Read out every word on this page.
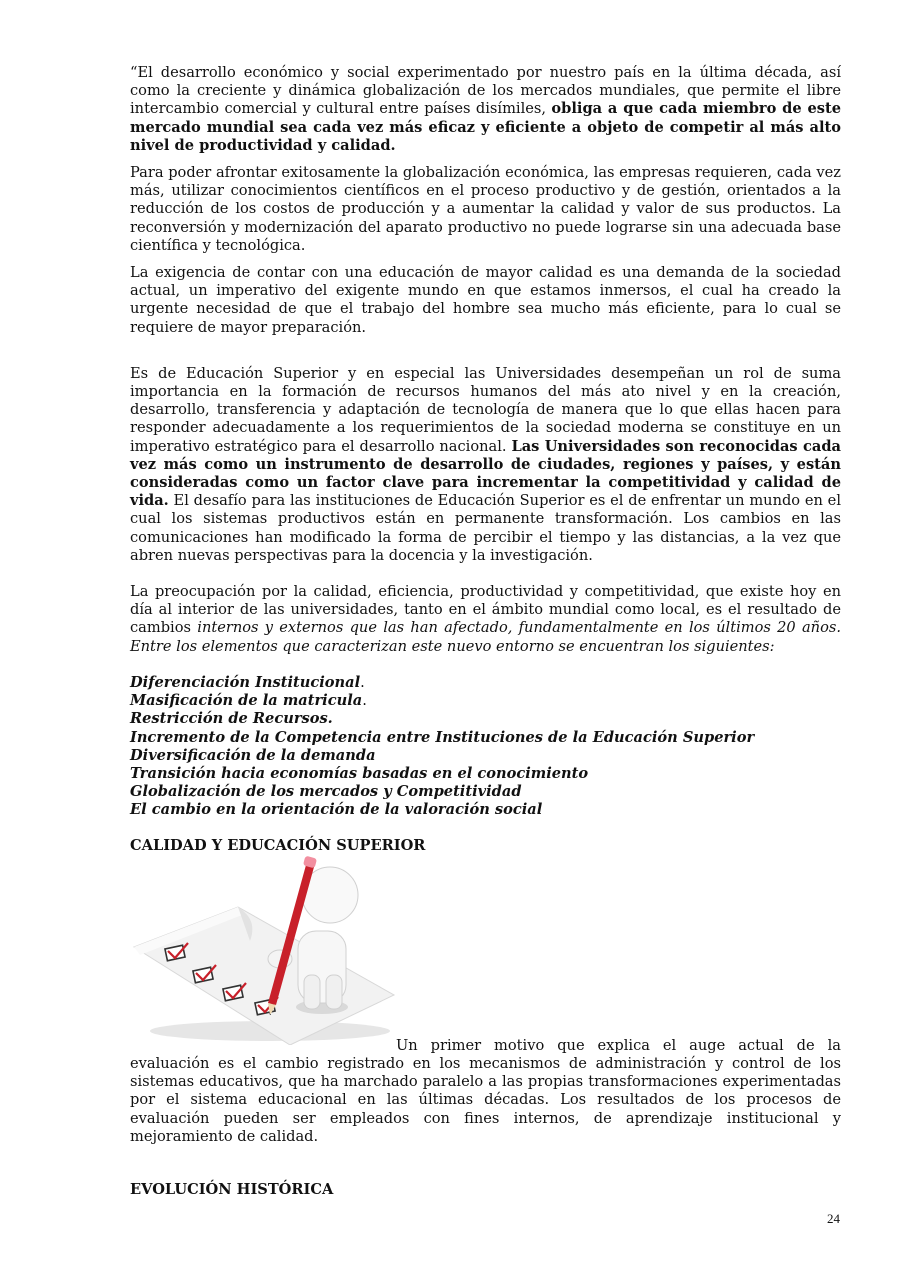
“El desarrollo económico y social experimentado por nuestro país en la última década, así como la creciente y dinámica globalización de los mercados mundiales, que permite el libre intercambio comercial y cultural entre países disímiles, obliga a que cada miembro de este mercado mundial sea cada vez más eficaz y eficiente a objeto de competir al más alto nivel de productividad y calidad.

Para poder afrontar exitosamente la globalización económica, las empresas requieren, cada vez más, utilizar conocimientos científicos en el proceso productivo y de gestión, orientados a la reducción de los costos de producción y a aumentar la calidad y valor de sus productos. La reconversión y modernización del aparato productivo no puede lograrse sin una adecuada base científica y tecnológica.

La exigencia de contar con una educación de mayor calidad es una demanda de la sociedad actual, un imperativo del exigente mundo en que estamos inmersos, el cual ha creado la urgente necesidad de que el trabajo del hombre sea mucho más eficiente, para lo cual se requiere de mayor preparación.

Es de Educación Superior y en especial las Universidades desempeñan un rol de suma importancia en la formación de recursos humanos del más ato nivel y en la creación, desarrollo, transferencia y adaptación de tecnología de manera que lo que ellas hacen para responder adecuadamente a los requerimientos de la sociedad moderna se constituye en un imperativo estratégico para el desarrollo nacional. Las Universidades son reconocidas cada vez más como un instrumento de desarrollo de ciudades, regiones y países, y están consideradas como un factor clave para incrementar la competitividad y calidad de vida. El desafío para las instituciones de Educación Superior es el de enfrentar un mundo en el cual los sistemas productivos están en permanente transformación. Los cambios en las comunicaciones han modificado la forma de percibir el tiempo y las distancias, a la vez que abren nuevas perspectivas para la docencia y la investigación.

La preocupación por la calidad, eficiencia, productividad y competitividad, que existe hoy en día al interior de las universidades, tanto en el ámbito mundial como local, es el resultado de cambios internos y externos que las han afectado, fundamentalmente en los últimos 20 años. Entre los elementos que caracterizan este nuevo entorno se encuentran los siguientes:

Diferenciación Institucional.
Masificación de la matricula.
Restricción de Recursos.
Incremento de la Competencia entre Instituciones de la Educación Superior
Diversificación de la demanda
Transición hacia economías basadas en el conocimiento
Globalización de los mercados y Competitividad
El cambio en la orientación de la valoración social

CALIDAD Y EDUCACIÓN SUPERIOR

Un primer motivo que explica el auge actual de la evaluación es el cambio registrado en los mecanismos de administración y control de los sistemas educativos, que ha marchado paralelo a las propias transformaciones experimentadas por el sistema educacional en las últimas décadas. Los resultados de los procesos de evaluación pueden ser empleados con fines internos, de aprendizaje institucional y mejoramiento de calidad.

EVOLUCIÓN HISTÓRICA

24
